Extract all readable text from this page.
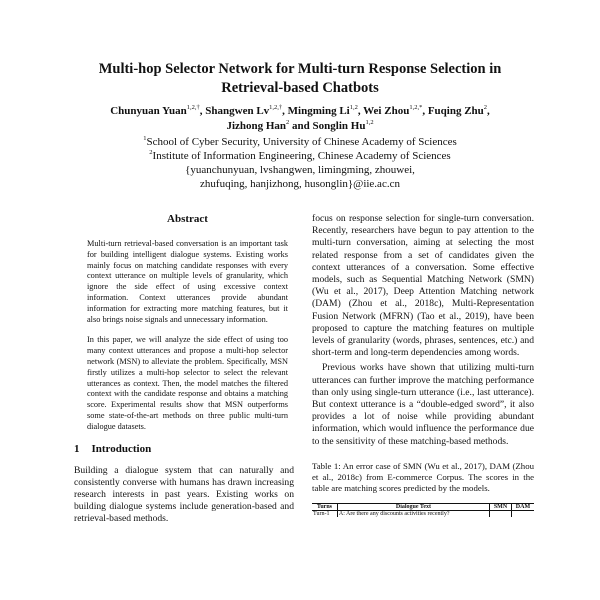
Multi-hop Selector Network for Multi-turn Response Selection in Retrieval-based Chatbots
Chunyuan Yuan$^{1,2,\dagger}$, Shangwen $Lv^{1,2,\dagger}$, Mingming Li$^{1,2}$, Wei Zhou$^{1,2,*}$, Fuqing Zhu$^2$,
Jizhong Han$^2$ and Songlin Hu$^{1,2}$
$^1$School of Cyber Security, University of Chinese Academy of Sciences
$^2$Institute of Information Engineering, Chinese Academy of Sciences
{yuanchunyuan, lvshangwen, limingming, zhouwei,
zhufuqing, hanjizhong, husonglin}@iie.ac.cn
Abstract

Multi-turn retrieval-based conversation is an important task for building intelligent dialogue systems. Existing works mainly focus on matching candidate responses with every context utterance on multiple levels of granularity, which ignore the side effect of using excessive context information. Context utterances provide abundant information for extracting more matching features, but it also brings noise signals and unnecessary information.

In this paper, we will analyze the side effect of using too many context utterances and propose a multi-hop selector network (MSN) to alleviate the problem. Specifically, MSN firstly utilizes a multi-hop selector to select the relevant utterances as context. Then, the model matches the filtered context with the candidate response and obtains a matching score. Experimental results show that MSN outperforms some state-of-the-art methods on three public multi-turn dialogue datasets.

1 Introduction

Building a dialogue system that can naturally and consistently converse with humans has drawn increasing research interests in past years. Existing works on building dialogue systems include generation-based and retrieval-based methods.

focus on response selection for single-turn conversation. Recently, researchers have begun to pay attention to the multi-turn conversation, aiming at selecting the most related response from a set of candidates given the context utterances of a conversation. Some effective models, such as Sequential Matching Network (SMN) (Wu et al., 2017), Deep Attention Matching network (DAM) (Zhou et al., 2018c), Multi-Representation Fusion Network (MFRN) (Tao et al., 2019), have been proposed to capture the matching features on multiple levels of granularity (words, phrases, sentences, etc.) and short-term and long-term dependencies among words.

Previous works have shown that utilizing multi-turn utterances can further improve the matching performance than only using single-turn utterance (i.e., last utterance). But context utterance is a “double-edged sword”, it also provides a lot of noise while providing abundant information, which would influence the performance due to the sensitivity of these matching-based methods.

Table 1: An error case of SMN (Wu et al., 2017), DAM (Zhou et al., 2018c) from E-commerce Corpus. The scores in the table are matching scores predicted by the models.
Turns	Dialogue Text	SMN	DAM
Turn-1	A: Are there any discounts activities recently?		
